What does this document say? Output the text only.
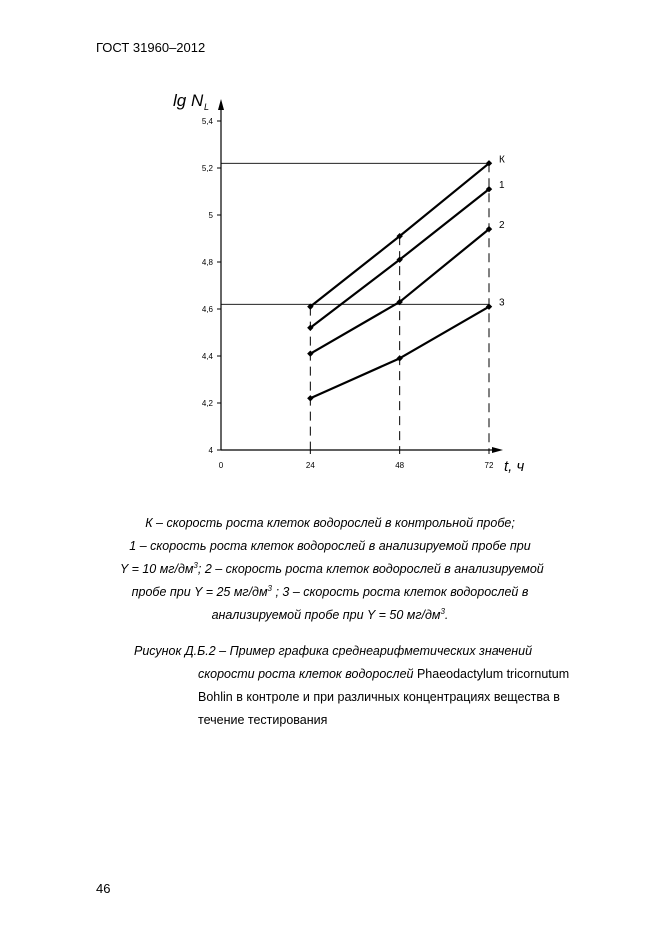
ГОСТ 31960–2012
4
4,2
4,4
4,6
4,8
5
5,2
5,4
0	24	48	72
lg N L
t, ч
К
1
2
3
К – скорость роста клеток водорослей в контрольной пробе;
1 – скорость роста клеток водорослей в анализируемой пробе при
Y = 10 $мг/дм^3$; 2 – скорость роста клеток водорослей в анализируемой
пробе при Y = 25 $мг/дм^3$ ; 3 – скорость роста клеток водорослей в
анализируемой пробе при Y = 50 $мг/дм^3$.
Рисунок Д.Б.2 – Пример графика среднеарифметических значений
скорости роста клеток водорослей Phaeodactylum tricornutum
Bohlin в контроле и при различных концентрациях вещества в
течение тестирования
46
